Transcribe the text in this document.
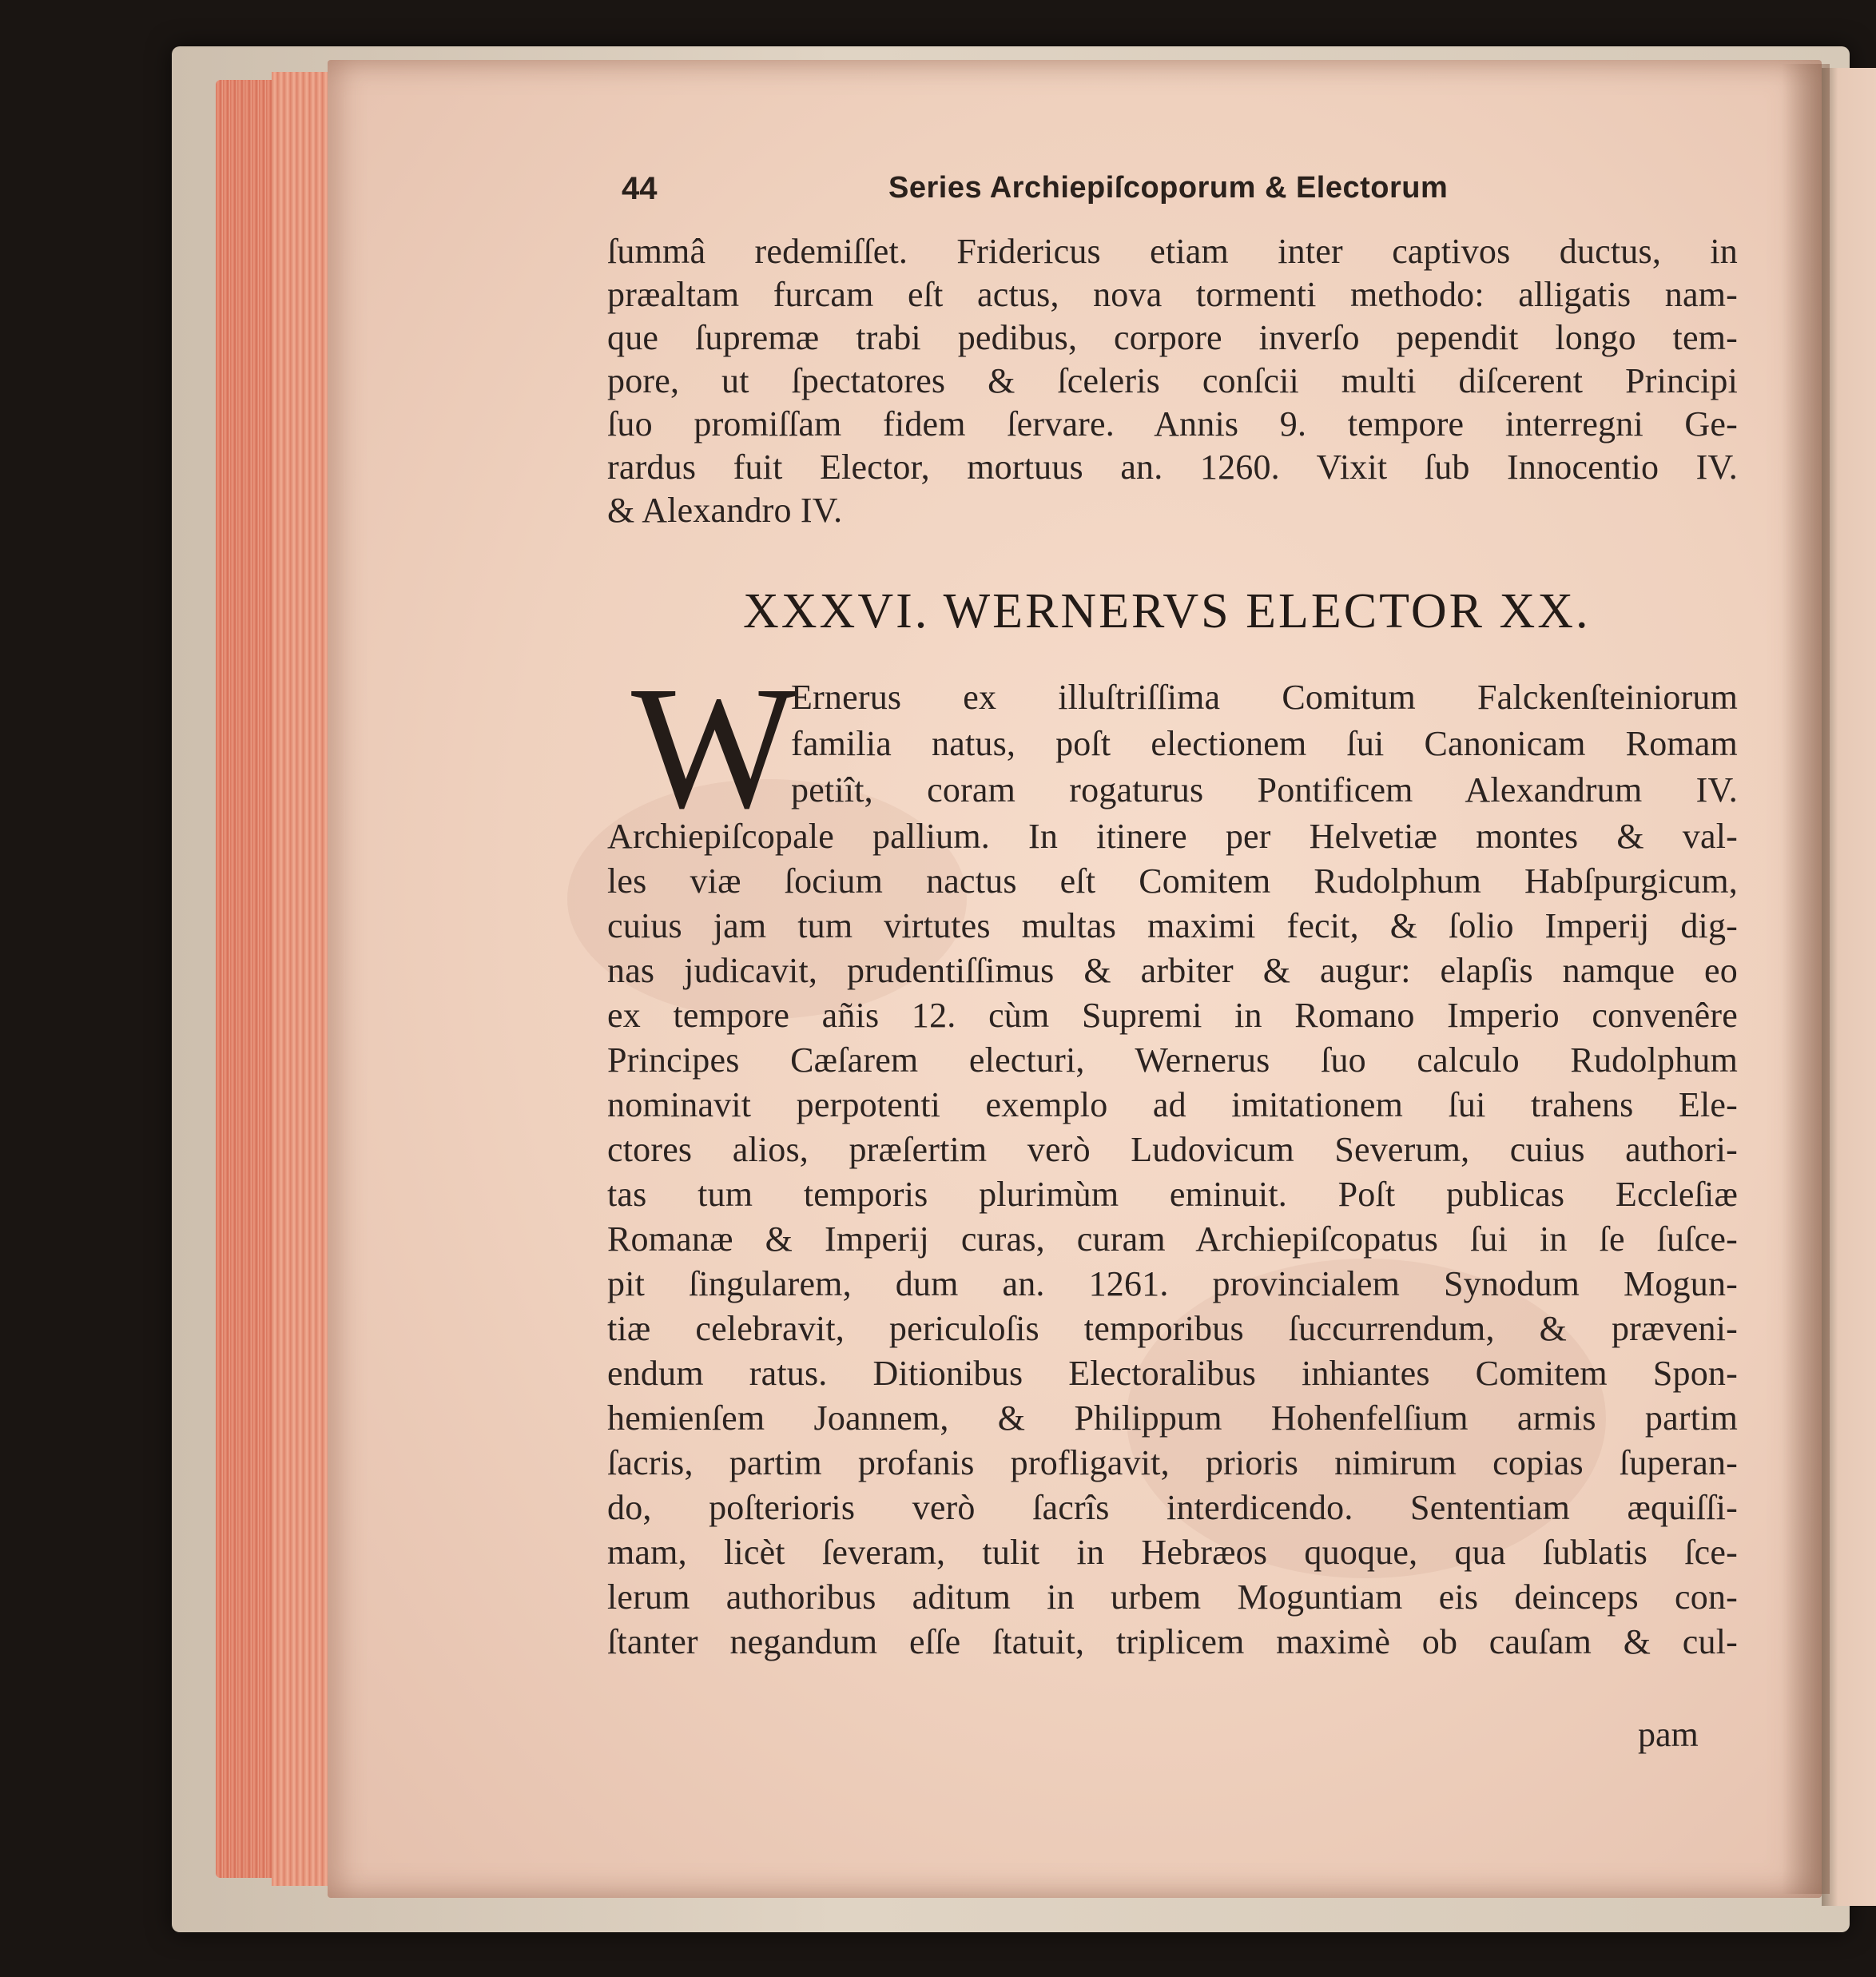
44	Series Archiepiſcoporum & Electorum
ſummâ redemiſſet. Fridericus etiam inter captivos ductus, in
præaltam furcam eſt actus, nova tormenti methodo: alligatis nam-
que ſupremæ trabi pedibus, corpore inverſo pependit longo tem-
pore, ut ſpectatores & ſceleris conſcii multi diſcerent Principi
ſuo promiſſam fidem ſervare. Annis 9. tempore interregni Ge-
rardus fuit Elector, mortuus an. 1260. Vixit ſub Innocentio IV.
& Alexandro IV.
XXXVI. WERNERVS ELECTOR XX.
W
Ernerus ex illuſtriſſima Comitum Falckenſteiniorum
familia natus, poſt electionem ſui Canonicam Romam
petiît, coram rogaturus Pontificem Alexandrum IV.
Archiepiſcopale pallium. In itinere per Helvetiæ montes & val-
les viæ ſocium nactus eſt Comitem Rudolphum Habſpurgicum,
cuius jam tum virtutes multas maximi fecit, & ſolio Imperij dig-
nas judicavit, prudentiſſimus & arbiter & augur: elapſis namque eo
ex tempore añis 12. cùm Supremi in Romano Imperio convenêre
Principes Cæſarem electuri, Wernerus ſuo calculo Rudolphum
nominavit perpotenti exemplo ad imitationem ſui trahens Ele-
ctores alios, præſertim verò Ludovicum Severum, cuius authori-
tas tum temporis plurimùm eminuit. Poſt publicas Eccleſiæ
Romanæ & Imperij curas, curam Archiepiſcopatus ſui in ſe ſuſce-
pit ſingularem, dum an. 1261. provincialem Synodum Mogun-
tiæ celebravit, periculoſis temporibus ſuccurrendum, & præveni-
endum ratus. Ditionibus Electoralibus inhiantes Comitem Spon-
hemienſem Joannem, & Philippum Hohenfelſium armis partim
ſacris, partim profanis profligavit, prioris nimirum copias ſuperan-
do, poſterioris verò ſacrîs interdicendo. Sententiam æquiſſi-
mam, licèt ſeveram, tulit in Hebræos quoque, qua ſublatis ſce-
lerum authoribus aditum in urbem Moguntiam eis deinceps con-
ſtanter negandum eſſe ſtatuit, triplicem maximè ob cauſam & cul-
pam
